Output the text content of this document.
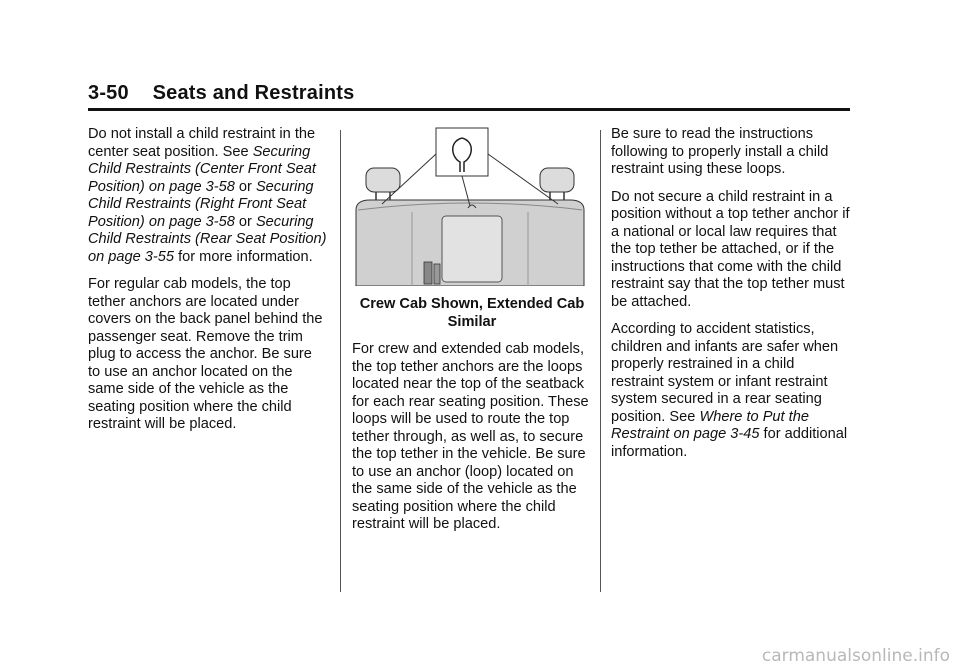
3-50 Seats and Restraints

Do not install a child restraint in the center seat position. See Securing Child Restraints (Center Front Seat Position) on page 3-58 or Securing Child Restraints (Right Front Seat Position) on page 3-58 or Securing Child Restraints (Rear Seat Position) on page 3-55 for more information.

For regular cab models, the top tether anchors are located under covers on the back panel behind the passenger seat. Remove the trim plug to access the anchor. Be sure to use an anchor located on the same side of the vehicle as the seating position where the child restraint will be placed.

Crew Cab Shown, Extended Cab Similar

For crew and extended cab models, the top tether anchors are the loops located near the top of the seatback for each rear seating position. These loops will be used to route the top tether through, as well as, to secure the top tether in the vehicle. Be sure to use an anchor (loop) located on the same side of the vehicle as the seating position where the child restraint will be placed.

Be sure to read the instructions following to properly install a child restraint using these loops.

Do not secure a child restraint in a position without a top tether anchor if a national or local law requires that the top tether be attached, or if the instructions that come with the child restraint say that the top tether must be attached.

According to accident statistics, children and infants are safer when properly restrained in a child restraint system or infant restraint system secured in a rear seating position. See Where to Put the Restraint on page 3-45 for additional information.

carmanualsonline.info
